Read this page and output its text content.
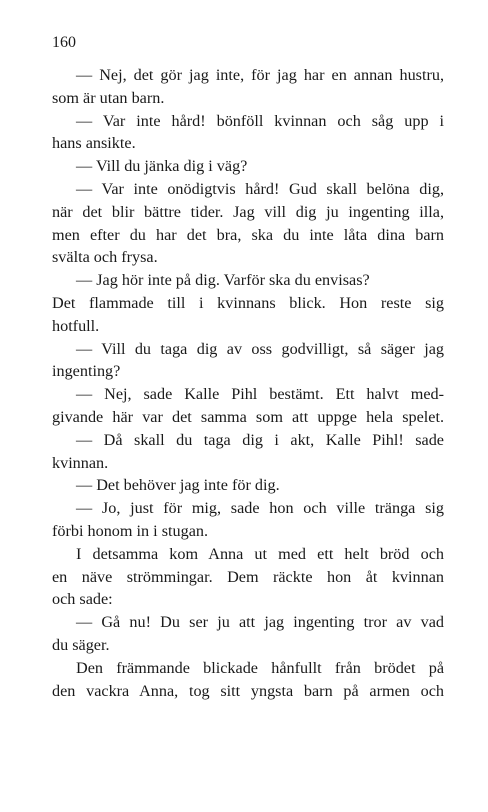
160
— Nej, det gör jag inte, för jag har en annan hustru,
som är utan barn.
— Var inte hård! bönföll kvinnan och såg upp i
hans ansikte.
— Vill du jänka dig i väg?
— Var inte onödigtvis hård! Gud skall belöna dig,
när det blir bättre tider. Jag vill dig ju ingenting illa,
men efter du har det bra, ska du inte låta dina barn
svälta och frysa.
— Jag hör inte på dig. Varför ska du envisas?
Det flammade till i kvinnans blick. Hon reste sig
hotfull.
— Vill du taga dig av oss godvilligt, så säger jag
ingenting?
— Nej, sade Kalle Pihl bestämt. Ett halvt med-
givande här var det samma som att uppge hela spelet.
— Då skall du taga dig i akt, Kalle Pihl! sade
kvinnan.
— Det behöver jag inte för dig.
— Jo, just för mig, sade hon och ville tränga sig
förbi honom in i stugan.
I detsamma kom Anna ut med ett helt bröd och
en näve strömmingar. Dem räckte hon åt kvinnan
och sade:
— Gå nu! Du ser ju att jag ingenting tror av vad
du säger.
Den främmande blickade hånfullt från brödet på
den vackra Anna, tog sitt yngsta barn på armen och
